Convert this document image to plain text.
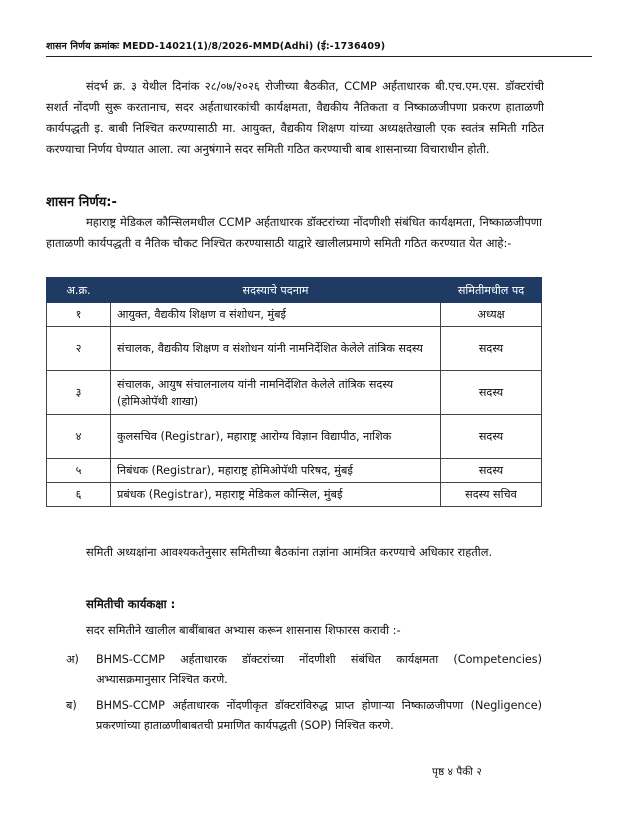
शासन निर्णय क्रमांकः MEDD-14021(1)/8/2026-MMD(Adhi) (ई:-1736409)
संदर्भ क्र. ३ येथील दिनांक २८/०७/२०२६ रोजीच्या बैठकीत, CCMP अर्हताधारक बी.एच.एम.एस. डॉक्टरांची सशर्त नोंदणी सुरू करतानाच, सदर अर्हताधारकांची कार्यक्षमता, वैद्यकीय नैतिकता व निष्काळजीपणा प्रकरण हाताळणी कार्यपद्धती इ. बाबी निश्चित करण्यासाठी मा. आयुक्त, वैद्यकीय शिक्षण यांच्या अध्यक्षतेखाली एक स्वतंत्र समिती गठित करण्याचा निर्णय घेण्यात आला. त्या अनुषंगाने सदर समिती गठित करण्याची बाब शासनाच्या विचाराधीन होती.
शासन निर्णय:-
महाराष्ट्र मेडिकल कौन्सिलमधील CCMP अर्हताधारक डॉक्टरांच्या नोंदणीशी संबंधित कार्यक्षमता, निष्काळजीपणा हाताळणी कार्यपद्धती व नैतिक चौकट निश्चित करण्यासाठी याद्वारे खालीलप्रमाणे समिती गठित करण्यात येत आहे:-
अ.क्र.	सदस्याचे पदनाम	समितीमधील पद
१	आयुक्त, वैद्यकीय शिक्षण व संशोधन, मुंबई	अध्यक्ष
२	संचालक, वैद्यकीय शिक्षण व संशोधन यांनी नामनिर्देशित केलेले तांत्रिक सदस्य	सदस्य
३	संचालक, आयुष संचालनालय यांनी नामनिर्देशित केलेले तांत्रिक सदस्य (होमिओपॅथी शाखा)	सदस्य
४	कुलसचिव (Registrar), महाराष्ट्र आरोग्य विज्ञान विद्यापीठ, नाशिक	सदस्य
५	निबंधक (Registrar), महाराष्ट्र होमिओपॅथी परिषद, मुंबई	सदस्य
६	प्रबंधक (Registrar), महाराष्ट्र मेडिकल कौन्सिल, मुंबई	सदस्य सचिव
समिती अध्यक्षांना आवश्यकतेनुसार समितीच्या बैठकांना तज्ञांना आमंत्रित करण्याचे अधिकार राहतील.
समितीची कार्यकक्षा :
सदर समितीने खालील बाबींबाबत अभ्यास करून शासनास शिफारस करावी :-
अ) BHMS-CCMP अर्हताधारक डॉक्टरांच्या नोंदणीशी संबंधित कार्यक्षमता (Competencies) अभ्यासक्रमानुसार निश्चित करणे.
ब) BHMS-CCMP अर्हताधारक नोंदणीकृत डॉक्टरांविरुद्ध प्राप्त होणाऱ्या निष्काळजीपणा (Negligence) प्रकरणांच्या हाताळणीबाबतची प्रमाणित कार्यपद्धती (SOP) निश्चित करणे.
पृष्ठ ४ पैकी २
